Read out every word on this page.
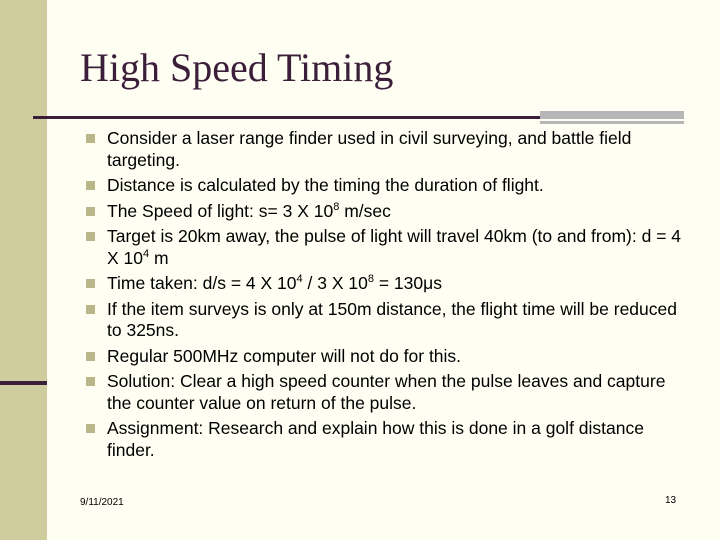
High Speed Timing
Consider a laser range finder used in civil surveying, and battle field targeting.
Distance is calculated by the timing the duration of flight.
The Speed of light: s= 3 X $10^8$ m/sec
Target is 20km away, the pulse of light will travel 40km (to and from): d = 4 X $10^4$ m
Time taken: d/s = 4 X $10^4 / 3$ X $10^8 = 130\mu s$
If the item surveys is only at 150m distance, the flight time will be reduced to 325ns.
Regular 500MHz computer will not do for this.
Solution: Clear a high speed counter when the pulse leaves and capture the counter value on return of the pulse.
Assignment: Research and explain how this is done in a golf distance finder.
9/11/2021	13
